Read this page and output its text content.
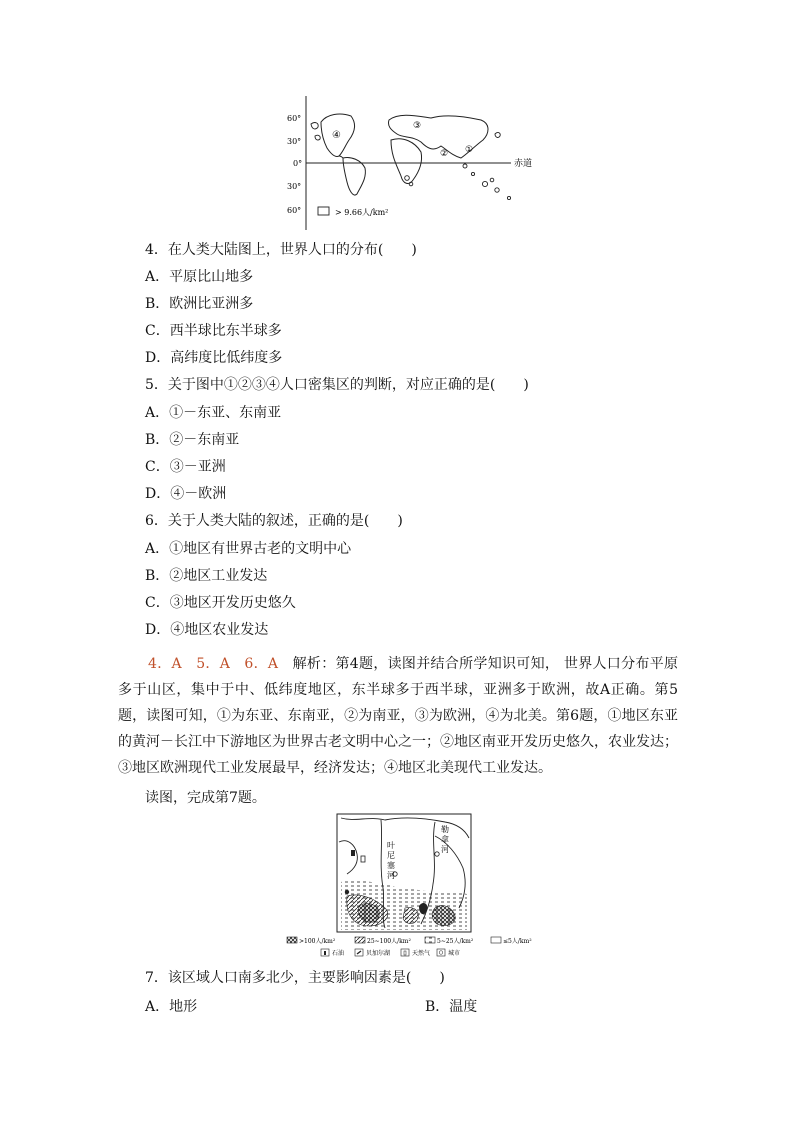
60°
30°
0°
30°
60°
赤道
④
② ①
③
> 9.66人/km²
4．在人类大陆图上，世界人口的分布(　　)
A．平原比山地多
B．欧洲比亚洲多
C．西半球比东半球多
D．高纬度比低纬度多
5．关于图中①②③④人口密集区的判断，对应正确的是(　　)
A．①－东亚、东南亚
B．②－东南亚
C．③－亚洲
D．④－欧洲
6．关于人类大陆的叙述，正确的是(　　)
A．①地区有世界古老的文明中心
B．②地区工业发达
C．③地区开发历史悠久
D．④地区农业发达

4．A　5．A　6．A　解析：第4题，读图并结合所学知识可知， 世界人口分布平原多于山区，集中于中、低纬度地区，东半球多于西半球，亚洲多于欧洲，故A正确。第5题，读图可知，①为东亚、东南亚，②为南亚，③为欧洲，④为北美。第6题，①地区东亚的黄河－长江中下游地区为世界古老文明中心之一；②地区南亚开发历史悠久，农业发达；③地区欧洲现代工业发展最早，经济发达；④地区北美现代工业发达。

读图，完成第7题。
叶
尼
塞
河
勒
拿
河
>100人/km²	25~100人/km²	5~25人/km²	≤5人/km²
石油	贝加尔湖	天然气	城市
7．该区域人口南多北少，主要影响因素是(　　)
A．地形	B．温度
